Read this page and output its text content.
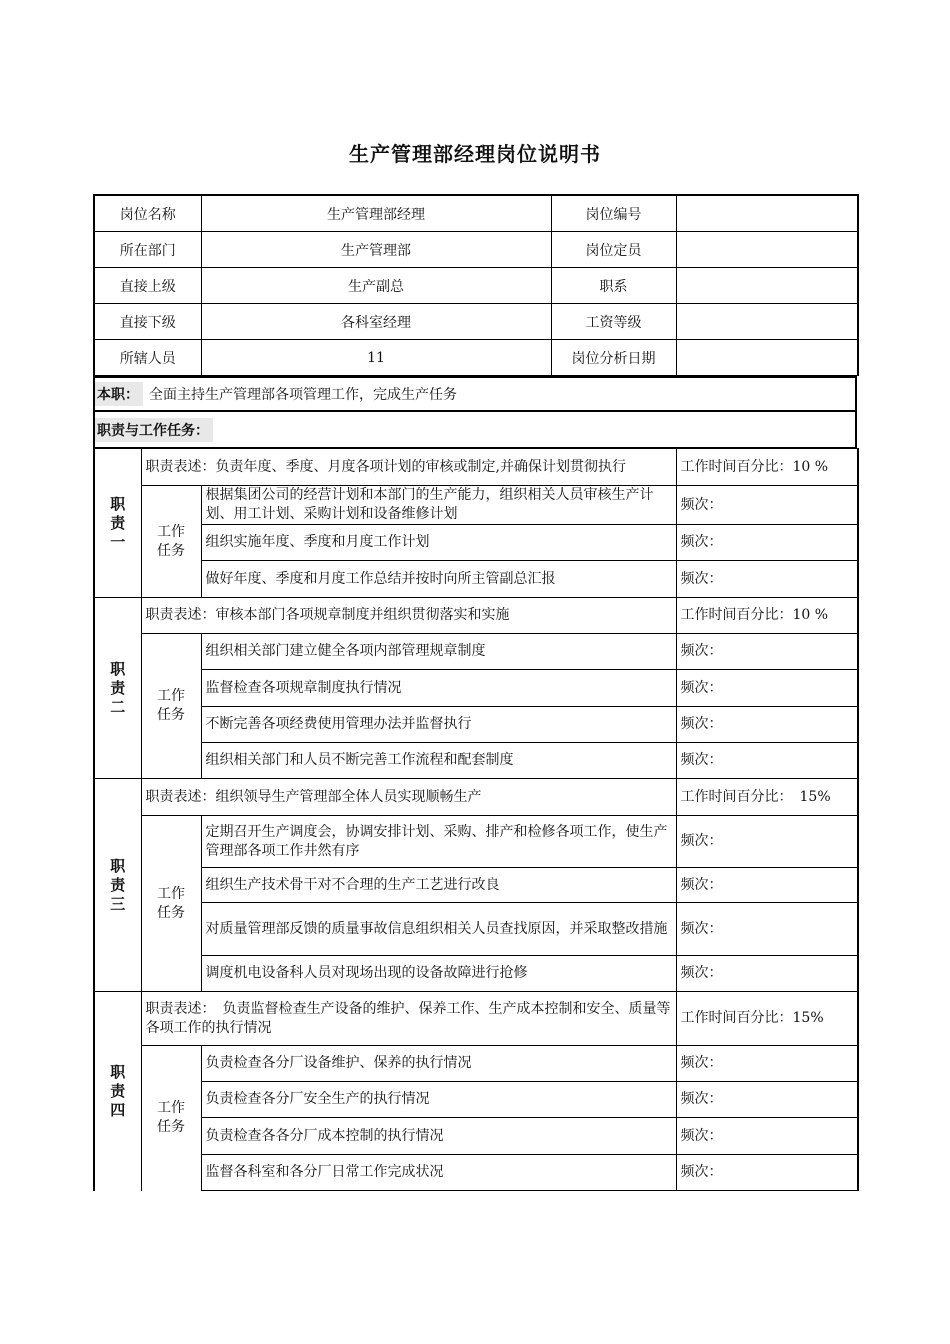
生产管理部经理岗位说明书
岗位名称	生产管理部经理	岗位编号	
所在部门	生产管理部	岗位定员	
直接上级	生产副总	职系	
直接下级	各科室经理	工资等级	
所辖人员	11	岗位分析日期	
本职： 全面主持生产管理部各项管理工作，完成生产任务
职责与工作任务：
职
责
一	职责表述：负责年度、季度、月度各项计划的审核或制定,并确保计划贯彻执行		工作时间百分比：10 %

	工作
任务	根据集团公司的经营计划和本部门的生产能力，组织相关人员审核生产计划、用工计划、采购计划和设备维修计划	频次：
		组织实施年度、季度和月度工作计划	频次：
		做好年度、季度和月度工作总结并按时向所主管副总汇报	频次：

职
责
二	职责表述：审核本部门各项规章制度并组织贯彻落实和实施		工作时间百分比：10 %

	工作
任务	组织相关部门建立健全各项内部管理规章制度	频次：
		监督检查各项规章制度执行情况	频次：
		不断完善各项经费使用管理办法并监督执行	频次：
		组织相关部门和人员不断完善工作流程和配套制度	频次：

职
责
三	职责表述：组织领导生产管理部全体人员实现顺畅生产		工作时间百分比：　15%

	工作
任务	定期召开生产调度会，协调安排计划、采购、排产和检修各项工作，使生产管理部各项工作井然有序	频次：
		组织生产技术骨干对不合理的生产工艺进行改良	频次：
		对质量管理部反馈的质量事故信息组织相关人员查找原因，并采取整改措施	频次：
		调度机电设备科人员对现场出现的设备故障进行抢修	频次：

职
责
四	职责表述：　负责监督检查生产设备的维护、保养工作、生产成本控制和安全、质量等各项工作的执行情况		工作时间百分比：15%

	工作
任务	负责检查各分厂设备维护、保养的执行情况	频次：
		负责检查各分厂安全生产的执行情况	频次：
		负责检查各各分厂成本控制的执行情况	频次：
		监督各科室和各分厂日常工作完成状况	频次：
